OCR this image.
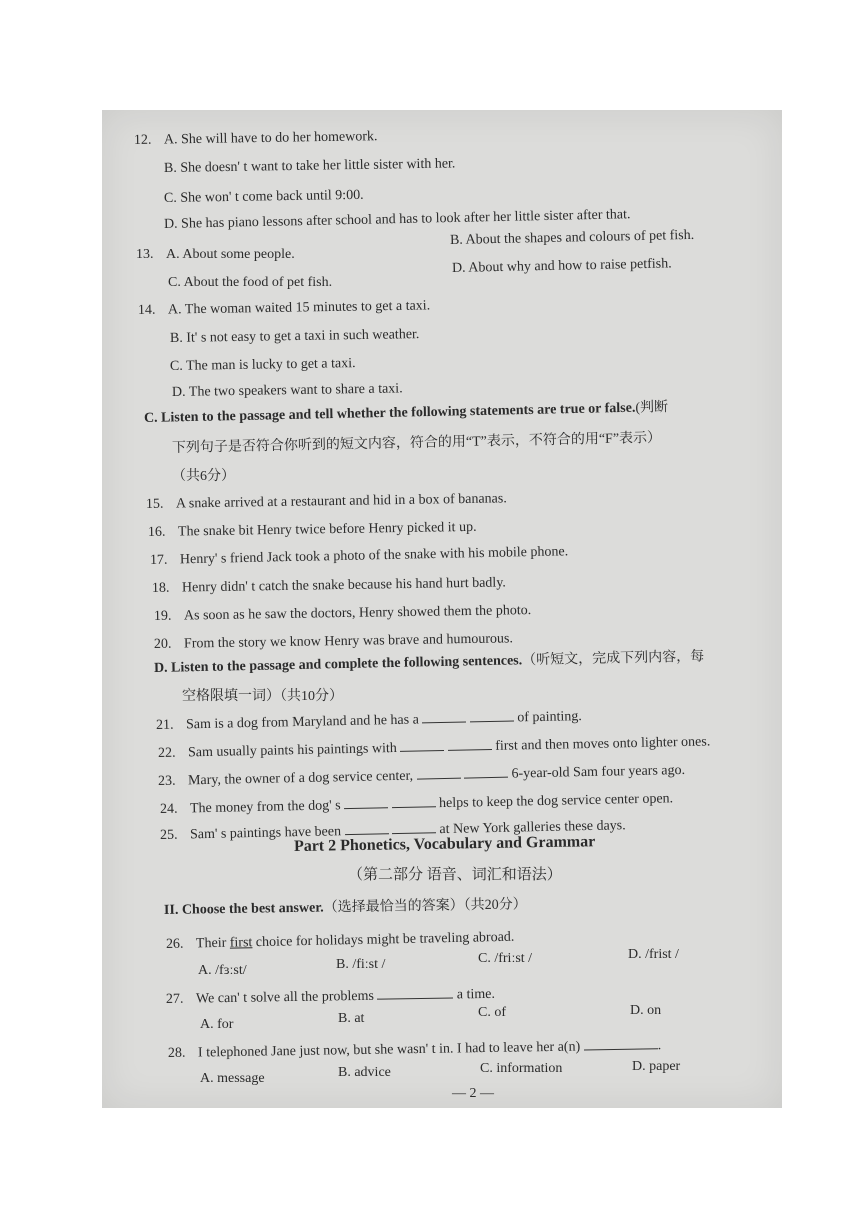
12. A. She will have to do her homework.
B. She doesn' t want to take her little sister with her.
C. She won' t come back until 9:00.
D. She has piano lessons after school and has to look after her little sister after that.
13. A. About some people.
B. About the shapes and colours of pet fish.
C. About the food of pet fish.
D. About why and how to raise petfish.
14. A. The woman waited 15 minutes to get a taxi.
B. It' s not easy to get a taxi in such weather.
C. The man is lucky to get a taxi.
D. The two speakers want to share a taxi.
C. Listen to the passage and tell whether the following statements are true or false.(判断
下列句子是否符合你听到的短文内容，符合的用“T”表示，不符合的用“F”表示）
（共6分）
15. A snake arrived at a restaurant and hid in a box of bananas.
16. The snake bit Henry twice before Henry picked it up.
17. Henry' s friend Jack took a photo of the snake with his mobile phone.
18. Henry didn' t catch the snake because his hand hurt badly.
19. As soon as he saw the doctors, Henry showed them the photo.
20. From the story we know Henry was brave and humourous.
D. Listen to the passage and complete the following sentences.（听短文，完成下列内容，每
空格限填一词）（共10分）
21. Sam is a dog from Maryland and he has a	of painting.
22. Sam usually paints his paintings with	first and then moves onto lighter ones.
23. Mary, the owner of a dog service center,	6-year-old Sam four years ago.
24. The money from the dog' s	helps to keep the dog service center open.
25. Sam' s paintings have been	at New York galleries these days.
Part 2 Phonetics, Vocabulary and Grammar
（第二部分 语音、词汇和语法）
II. Choose the best answer.（选择最恰当的答案）（共20分）
26. Their first choice for holidays might be traveling abroad.
A. /fɜːst/	B. /fiːst /	C. /friːst /	D. /frist /
27. We can' t solve all the problems	a time.
A. for	B. at	C. of	D. on
28. I telephoned Jane just now, but she wasn' t in. I had to leave her a(n)	.
A. message	B. advice	C. information	D. paper
— 2 —
